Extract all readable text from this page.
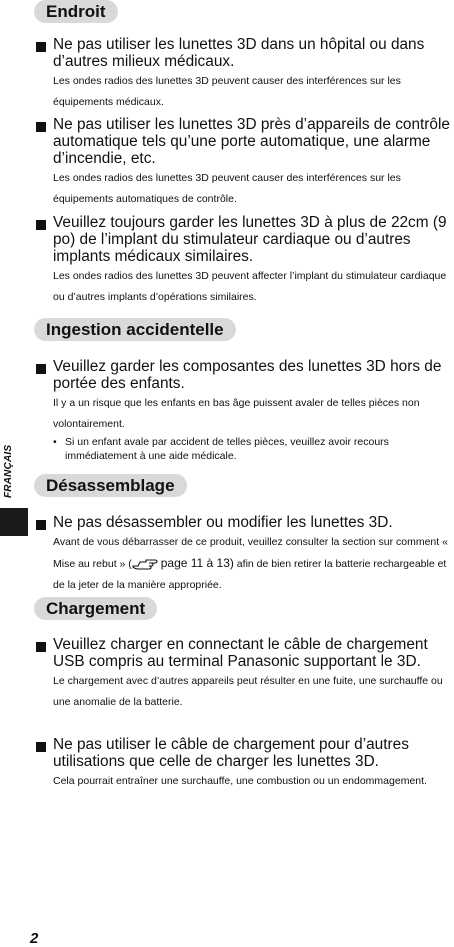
Endroit
Ne pas utiliser les lunettes 3D dans un hôpital ou dans d’autres milieux médicaux.
Les ondes radios des lunettes 3D peuvent causer des interférences sur les équipements médicaux.
Ne pas utiliser les lunettes 3D près d’appareils de contrôle automatique tels qu’une porte automatique, une alarme d’incendie, etc.
Les ondes radios des lunettes 3D peuvent causer des interférences sur les équipements automatiques de contrôle.
Veuillez toujours garder les lunettes 3D à plus de 22cm (9 po) de l’implant du stimulateur cardiaque ou d’autres implants médicaux similaires.
Les ondes radios des lunettes 3D peuvent affecter l’implant du stimulateur cardiaque ou d’autres implants d’opérations similaires.
Ingestion accidentelle
Veuillez garder les composantes des lunettes 3D hors de portée des enfants.
Il y a un risque que les enfants en bas âge puissent avaler de telles pièces non volontairement.
• Si un enfant avale par accident de telles pièces, veuillez avoir recours immédiatement à une aide médicale.
Désassemblage
Ne pas désassembler ou modifier les lunettes 3D.
Avant de vous débarrasser de ce produit, veuillez consulter la section sur comment « Mise au rebut » ( page 11 à 13) afin de bien retirer la batterie rechargeable et de la jeter de la manière appropriée.
Chargement
Veuillez charger en connectant le câble de chargement USB compris au terminal Panasonic supportant le 3D.
Le chargement avec d’autres appareils peut résulter en une fuite, une surchauffe ou une anomalie de la batterie.
Ne pas utiliser le câble de chargement pour d’autres utilisations que celle de charger les lunettes 3D.
Cela pourrait entraîner une surchauffe, une combustion ou un endommagement.
FRANÇAIS
2
